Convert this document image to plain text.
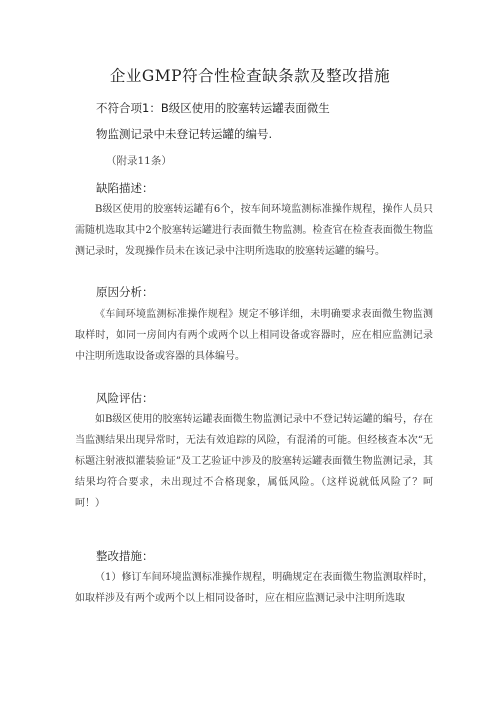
企业GMP符合性检查缺条款及整改措施
不符合项1：B级区使用的胶塞转运罐表面微生
物监测记录中未登记转运罐的编号.
（附录11条）
缺陷描述：
B级区使用的胶塞转运罐有6个，按车间环境监测标准操作规程，操作人员只需随机选取其中2个胶塞转运罐进行表面微生物监测。检查官在检查表面微生物监测记录时，发现操作员未在该记录中注明所选取的胶塞转运罐的编号。
原因分析：
《车间环境监测标准操作规程》规定不够详细，未明确要求表面微生物监测取样时，如同一房间内有两个或两个以上相同设备或容器时，应在相应监测记录中注明所选取设备或容器的具体编号。
风险评估：
如B级区使用的胶塞转运罐表面微生物监测记录中不登记转运罐的编号，存在当监测结果出现异常时，无法有效追踪的风险，有混淆的可能。但经核查本次“无标题注射液拟灌装验证”及工艺验证中涉及的胶塞转运罐表面微生物监测记录，其结果均符合要求，未出现过不合格现象，属低风险。（这样说就低风险了？呵呵！）
整改措施：
（1）修订车间环境监测标准操作规程，明确规定在表面微生物监测取样时，如取样涉及有两个或两个以上相同设备时，应在相应监测记录中注明所选取
